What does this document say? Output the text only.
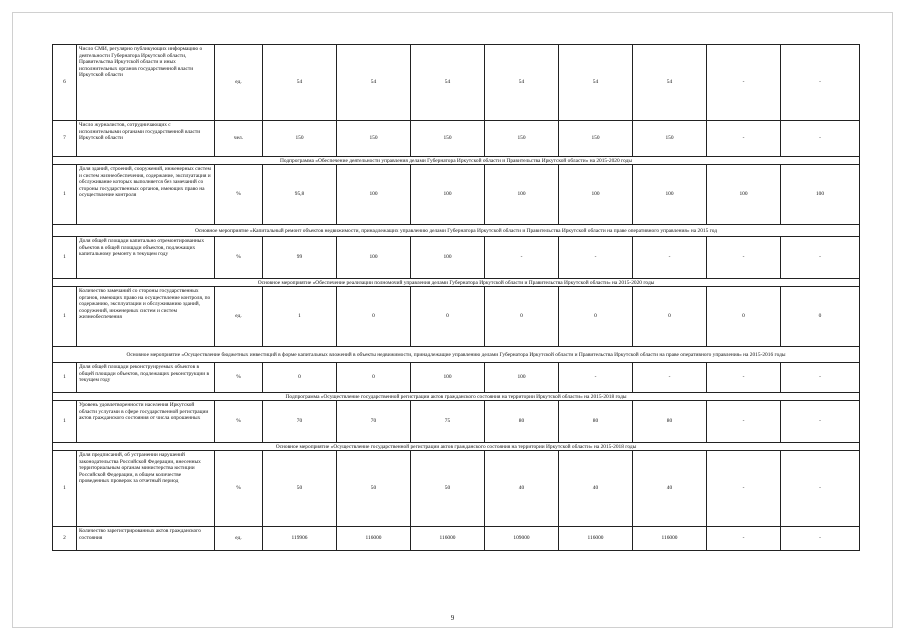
6	Число СМИ, регулярно публикующих информацию о деятельности Губернатора Иркутской области, Правительства Иркутской области и иных исполнительных органов государственной власти Иркутской области	ед.	54	54	54	54	54	54	-	-
7	Число журналистов, сотрудничающих с исполнительными органами государственной власти Иркутской области	чел.	150	150	150	150	150	150	-	-
Подпрограмма «Обеспечение деятельности управления делами Губернатора Иркутской области и Правительства Иркутской области» на 2015-2020 годы										
1	Доля зданий, строений, сооружений, инженерных систем и систем жизнеобеспечения, содержание, эксплуатация и обслуживание которых выполняется без замечаний со стороны государственных органов, имеющих право на осуществление контроля	%	95,8	100	100	100	100	100	100	100
Основное мероприятие «Капитальный ремонт объектов недвижимости, принадлежащих управлению делами Губернатора Иркутской области и Правительства Иркутской области на праве оперативного управления» на 2015 год										
1	Доля общей площади капитально отремонтированных объектов в общей площади объектов, подлежащих капитальному ремонту в текущем году	%	99	100	100	-	-	-	-	-
Основное мероприятие «Обеспечение реализации полномочий управления делами Губернатора Иркутской области и Правительства Иркутской области» на 2015-2020 годы										
1	Количество замечаний со стороны государственных органов, имеющих право на осуществление контроля, по содержанию, эксплуатации и обслуживанию зданий, сооружений, инженерных систем и систем жизнеобеспечения	ед.	1	0	0	0	0	0	0	0
Основное мероприятие «Осуществление бюджетных инвестиций в форме капитальных вложений в объекты недвижимости, принадлежащие управлению делами Губернатора Иркутской области и Правительства Иркутской области на праве оперативного управления» на 2015-2016 годы										
1	Доля общей площади реконструируемых объектов в общей площади объектов, подлежащих реконструкции в текущем году	%	0	0	100	100	-	-	-	-
Подпрограмма «Осуществление государственной регистрации актов гражданского состояния на территории Иркутской области» на 2015-2018 годы										
1	Уровень удовлетворенности населения Иркутской области услугами в сфере государственной регистрации актов гражданского состояния от числа опрошенных	%	70	70	75	80	80	80	-	-
Основное мероприятие «Осуществление государственной регистрации актов гражданского состояния на территории Иркутской области» на 2015-2018 годы										
1	Доля предписаний, об устранении нарушений законодательства Российской Федерации, внесенных территориальным органам министерства юстиции Российской Федерации, в общем количестве проведенных проверок за отчетный период	%	50	50	50	40	40	40	-	-
2	Количество зарегистрированных актов гражданского состояния	ед.	119906	116000	116000	109000	116000	116000	-	-
9
